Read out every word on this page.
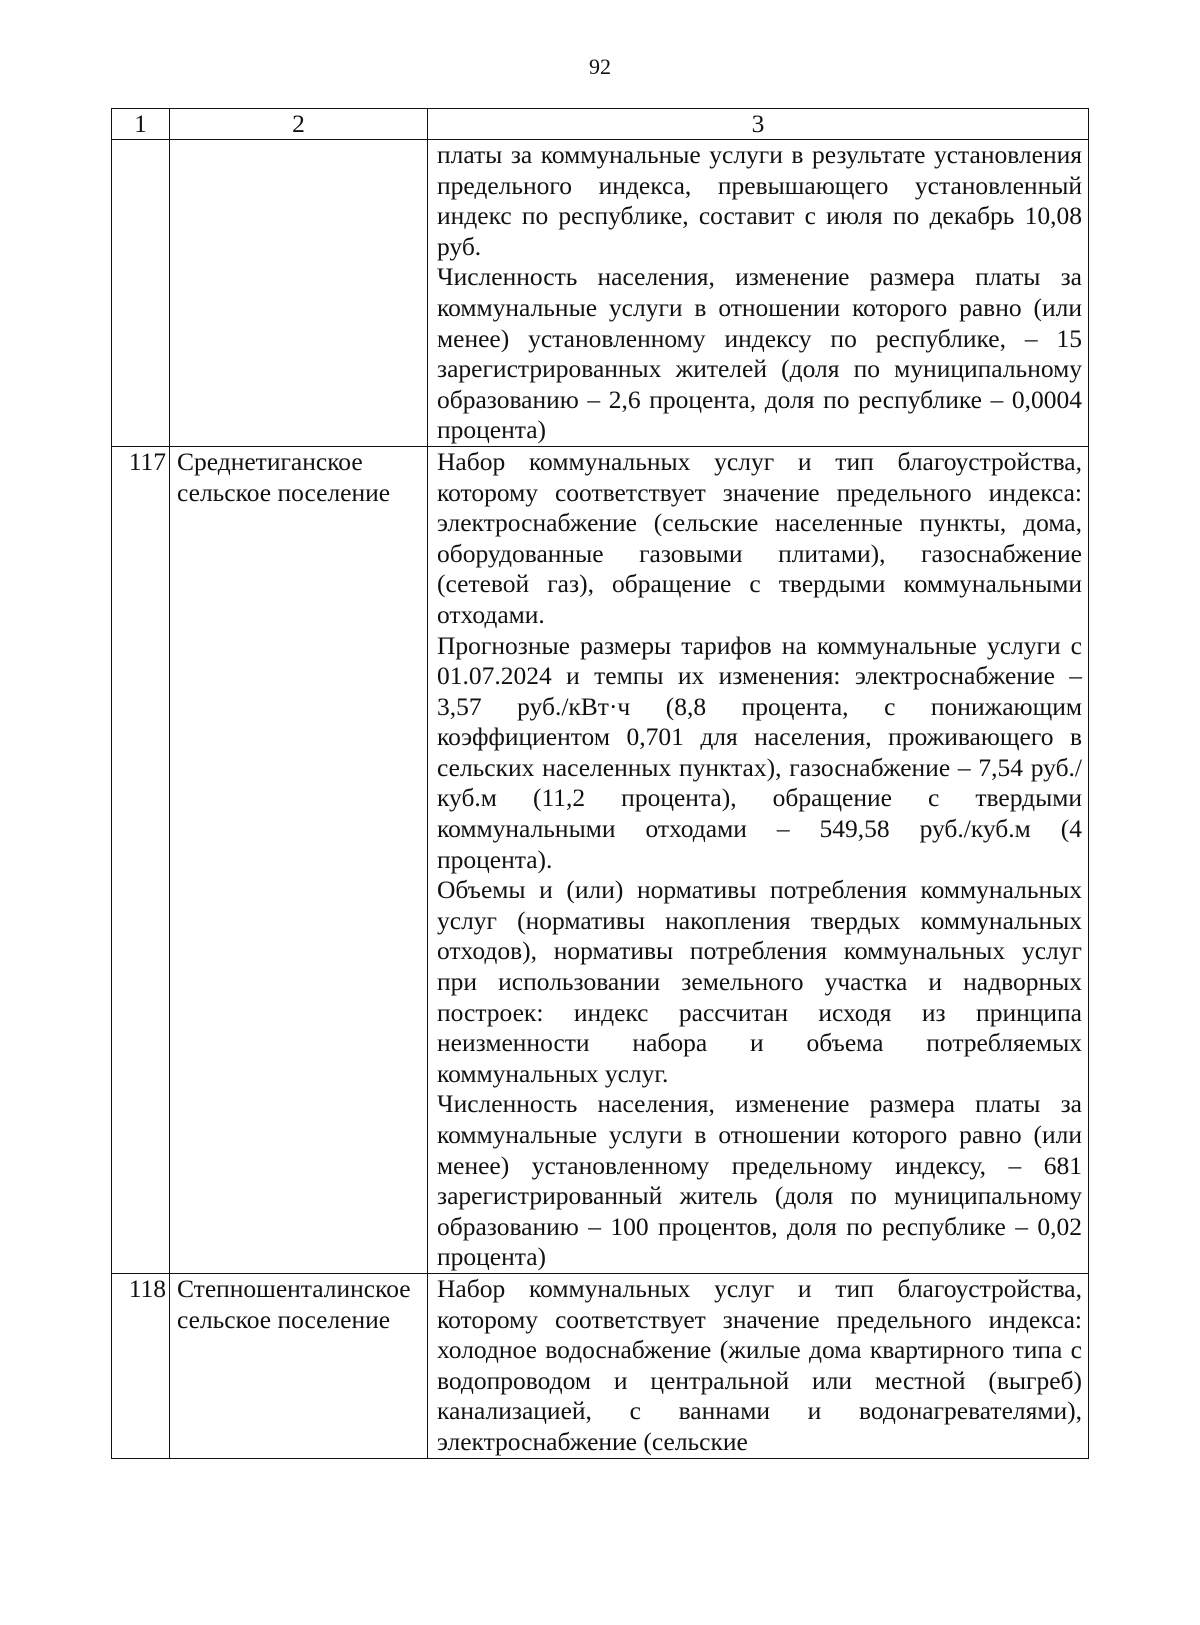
92
1	2	3

		платы за коммунальные услуги в результате установления предельного индекса, превышающего установленный индекс по республике, составит с июля по декабрь 10,08 руб.
Численность населения, изменение размера платы за коммунальные услуги в отношении которого равно (или менее) установленному индексу по республике, – 15 зарегистрированных жителей (доля по муниципальному образованию – 2,6 процента, доля по республике – 0,0004 процента)

117	Среднетиганское сельское поселение	Набор коммунальных услуг и тип благоустройства, которому соответствует значение предельного индекса: электроснабжение (сельские населенные пункты, дома, оборудованные газовыми плитами), газоснабжение (сетевой газ), обращение с твердыми коммунальными отходами.
Прогнозные размеры тарифов на коммунальные услуги с 01.07.2024 и темпы их изменения: электроснабжение – 3,57 руб./кВт·ч (8,8 процента, с понижающим коэффициентом 0,701 для населения, проживающего в сельских населенных пунктах), газоснабжение – 7,54 руб./куб.м (11,2 процента), обращение с твердыми коммунальными отходами – 549,58 руб./куб.м (4 процента).
Объемы и (или) нормативы потребления коммунальных услуг (нормативы накопления твердых коммунальных отходов), нормативы потребления коммунальных услуг при использовании земельного участка и надворных построек: индекс рассчитан исходя из принципа неизменности набора и объема потребляемых коммунальных услуг.
Численность населения, изменение размера платы за коммунальные услуги в отношении которого равно (или менее) установленному предельному индексу, – 681 зарегистрированный житель (доля по муниципальному образованию – 100 процентов, доля по республике – 0,02 процента)

118	Степношенталинское сельское поселение	Набор коммунальных услуг и тип благоустройства, которому соответствует значение предельного индекса: холодное водоснабжение (жилые дома квартирного типа с водопроводом и центральной или местной (выгреб) канализацией, с ваннами и водонагревателями), электроснабжение (сельские
